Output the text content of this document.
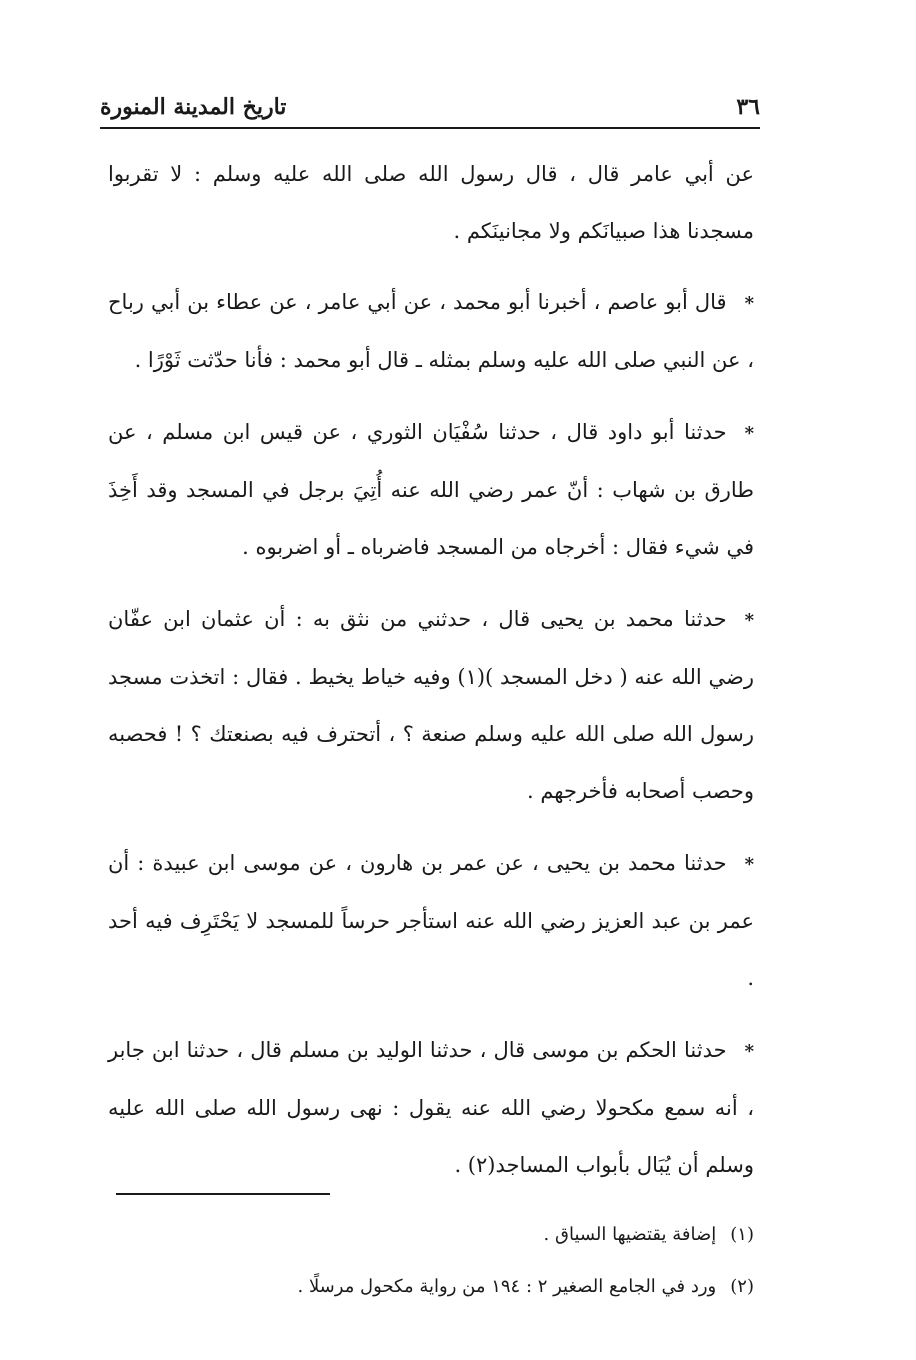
٣٦
تاريخ المدينة المنورة

عن أبي عامر قال ، قال رسول الله صلى الله عليه وسلم : لا تقربوا مسجدنا هذا صبيانَكم ولا مجانينَكم .

*قال أبو عاصم ، أخبرنا أبو محمد ، عن أبي عامر ، عن عطاء بن أبي رباح ، عن النبي صلى الله عليه وسلم بمثله ـ قال أبو محمد : فأنا حدّثت ثَوْرًا .

*حدثنا أبو داود قال ، حدثنا سُفْيَان الثوري ، عن قيس ابن مسلم ، عن طارق بن شهاب : أنّ عمر رضي الله عنه أُتِيَ برجل في المسجد وقد أَخِذَ في شيء فقال : أخرجاه من المسجد فاضرباه ـ أو اضربوه .

*حدثنا محمد بن يحيى قال ، حدثني من نثق به : أن عثمان ابن عفّان رضي الله عنه ( دخل المسجد )(١) وفيه خياط يخيط . فقال : اتخذت مسجد رسول الله صلى الله عليه وسلم صنعة ؟ ، أتحترف فيه بصنعتك ؟ ! فحصبه وحصب أصحابه فأخرجهم .

*حدثنا محمد بن يحيى ، عن عمر بن هارون ، عن موسى ابن عبيدة : أن عمر بن عبد العزيز رضي الله عنه استأجر حرساً للمسجد لا يَحْتَرِف فيه أحد .

*حدثنا الحكم بن موسى قال ، حدثنا الوليد بن مسلم قال ، حدثنا ابن جابر ، أنه سمع مكحولا رضي الله عنه يقول : نهى رسول الله صلى الله عليه وسلم أن يُبَال بأبواب المساجد(٢) .

(١)إضافة يقتضيها السياق .

(٢)ورد في الجامع الصغير ٢ : ١٩٤ من رواية مكحول مرسلًا .
